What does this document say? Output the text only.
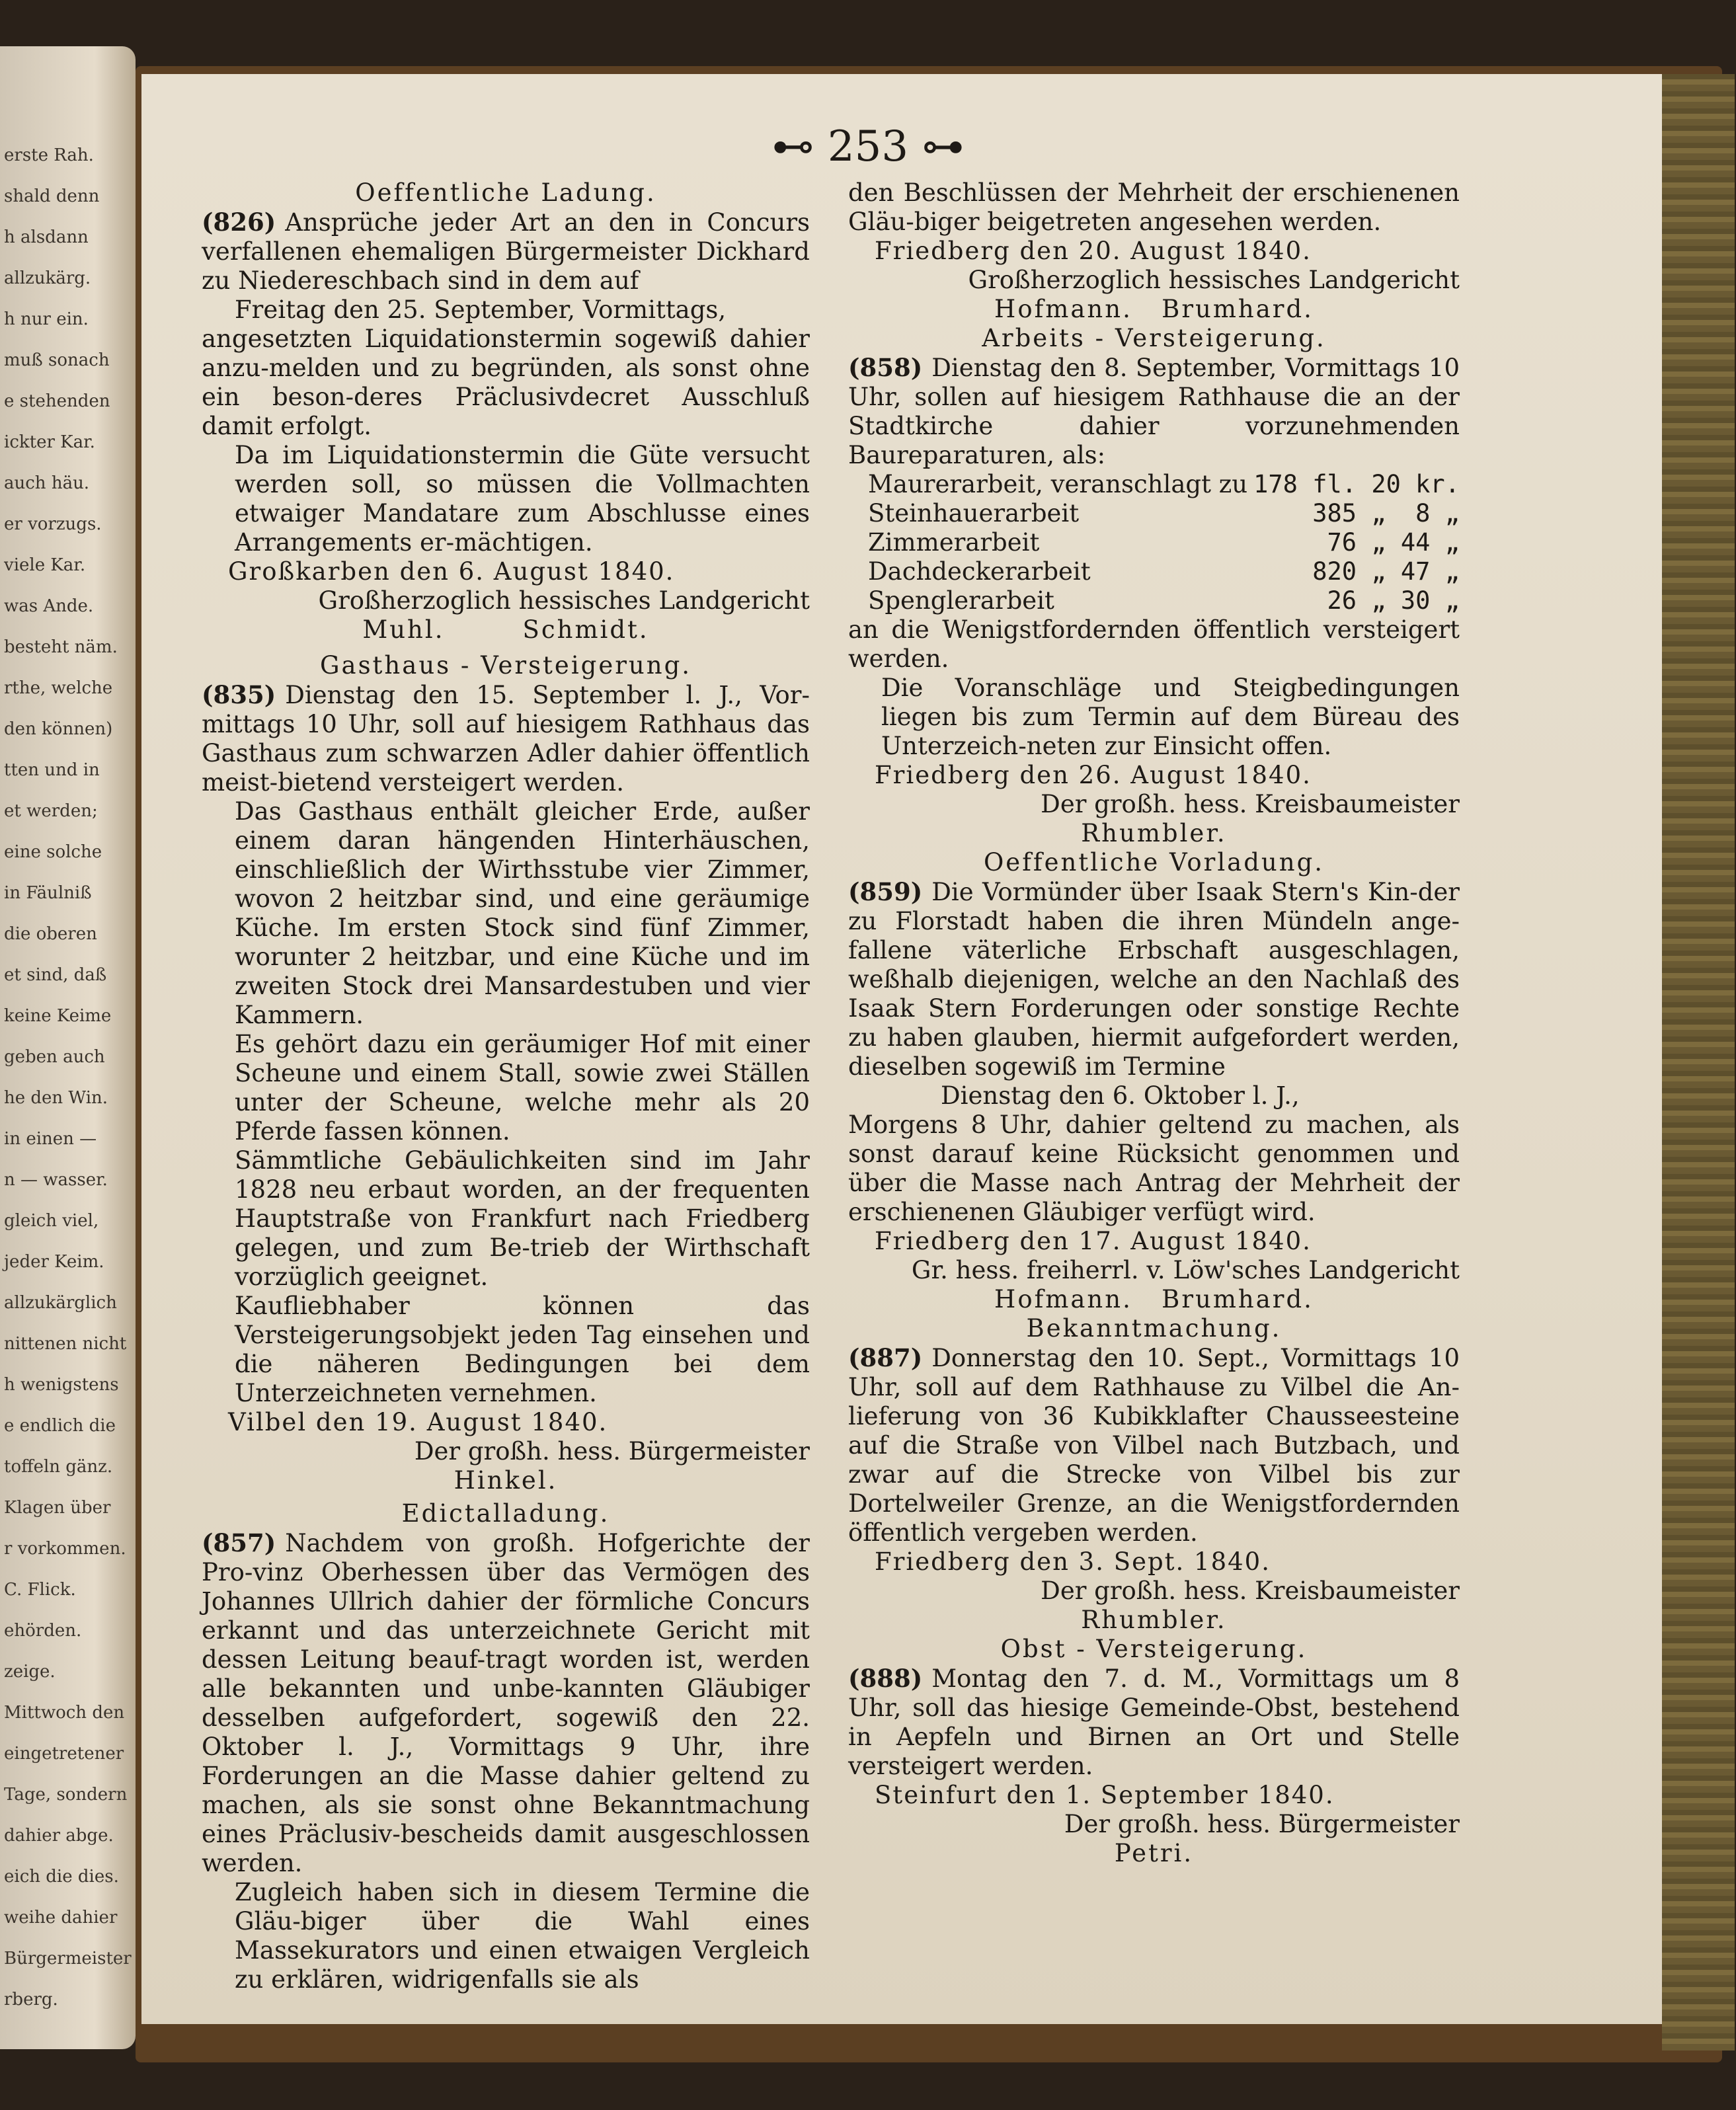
erste Rah.
shald denn
h alsdann
allzukärg.
h nur ein.
muß sonach
e stehenden
ickter Kar.
auch häu.
er vorzugs.
viele Kar.
was Ande.
besteht näm.
rthe, welche
den können)
tten und in
et werden;
eine solche
in Fäulniß
die oberen
et sind, daß
keine Keime
geben auch
he den Win.
in einen —
n — wasser.
gleich viel,
jeder Keim.
allzukärglich
nittenen nicht
h wenigstens
e endlich die
toffeln gänz.
Klagen über
r vorkommen.
C. Flick.
ehörden.
zeige.
Mittwoch den
eingetretener
Tage, sondern
dahier abge.
eich die dies.
weihe dahier
Bürgermeister
rberg.
⊷ 253 ⊶
Oeffentliche Ladung.

(826) Ansprüche jeder Art an den in Concurs verfallenen ehemaligen Bürgermeister Dickhard zu Niedereschbach sind in dem auf

Freitag den 25. September, Vormittags,

angesetzten Liquidationstermin sogewiß dahier anzu-melden und zu begründen, als sonst ohne ein beson-deres Präclusivdecret Ausschluß damit erfolgt.

Da im Liquidationstermin die Güte versucht werden soll, so müssen die Vollmachten etwaiger Mandatare zum Abschlusse eines Arrangements er-mächtigen.

Großkarben den 6. August 1840.
Großherzoglich hessisches Landgericht
Muhl.        Schmidt.
Gasthaus - Versteigerung.

(835) Dienstag den 15. September l. J., Vor-mittags 10 Uhr, soll auf hiesigem Rathhaus das Gasthaus zum schwarzen Adler dahier öffentlich meist-bietend versteigert werden.

Das Gasthaus enthält gleicher Erde, außer einem daran hängenden Hinterhäuschen, einschließlich der Wirthsstube vier Zimmer, wovon 2 heitzbar sind, und eine geräumige Küche. Im ersten Stock sind fünf Zimmer, worunter 2 heitzbar, und eine Küche und im zweiten Stock drei Mansardestuben und vier Kammern.

Es gehört dazu ein geräumiger Hof mit einer Scheune und einem Stall, sowie zwei Ställen unter der Scheune, welche mehr als 20 Pferde fassen können.

Sämmtliche Gebäulichkeiten sind im Jahr 1828 neu erbaut worden, an der frequenten Hauptstraße von Frankfurt nach Friedberg gelegen, und zum Be-trieb der Wirthschaft vorzüglich geeignet.

Kaufliebhaber können das Versteigerungsobjekt jeden Tag einsehen und die näheren Bedingungen bei dem Unterzeichneten vernehmen.

Vilbel den 19. August 1840.
Der großh. hess. Bürgermeister
Hinkel.
Edictalladung.

(857) Nachdem von großh. Hofgerichte der Pro-vinz Oberhessen über das Vermögen des Johannes Ullrich dahier der förmliche Concurs erkannt und das unterzeichnete Gericht mit dessen Leitung beauf-tragt worden ist, werden alle bekannten und unbe-kannten Gläubiger desselben aufgefordert, sogewiß den 22. Oktober l. J., Vormittags 9 Uhr, ihre Forderungen an die Masse dahier geltend zu machen, als sie sonst ohne Bekanntmachung eines Präclusiv-bescheids damit ausgeschlossen werden.

Zugleich haben sich in diesem Termine die Gläu-biger über die Wahl eines Massekurators und einen etwaigen Vergleich zu erklären, widrigenfalls sie als

den Beschlüssen der Mehrheit der erschienenen Gläu-biger beigetreten angesehen werden.

Friedberg den 20. August 1840.
Großherzoglich hessisches Landgericht
Hofmann.   Brumhard.
Arbeits - Versteigerung.

(858) Dienstag den 8. September, Vormittags 10 Uhr, sollen auf hiesigem Rathhause die an der Stadtkirche dahier vorzunehmenden Baureparaturen, als:

Maurerarbeit, veranschlagt zu 178 fl. 20 kr.
Steinhauerarbeit	385 „  8 „
Zimmerarbeit	76 „ 44 „
Dachdeckerarbeit	820 „ 47 „
Spenglerarbeit	26 „ 30 „

an die Wenigstfordernden öffentlich versteigert werden.

Die Voranschläge und Steigbedingungen liegen bis zum Termin auf dem Büreau des Unterzeich-neten zur Einsicht offen.

Friedberg den 26. August 1840.
Der großh. hess. Kreisbaumeister
Rhumbler.
Oeffentliche Vorladung.

(859) Die Vormünder über Isaak Stern's Kin-der zu Florstadt haben die ihren Mündeln ange-fallene väterliche Erbschaft ausgeschlagen, weßhalb diejenigen, welche an den Nachlaß des Isaak Stern Forderungen oder sonstige Rechte zu haben glauben, hiermit aufgefordert werden, dieselben sogewiß im Termine

Dienstag den 6. Oktober l. J.,

Morgens 8 Uhr, dahier geltend zu machen, als sonst darauf keine Rücksicht genommen und über die Masse nach Antrag der Mehrheit der erschienenen Gläubiger verfügt wird.

Friedberg den 17. August 1840.
Gr. hess. freiherrl. v. Löw'sches Landgericht
Hofmann.   Brumhard.
Bekanntmachung.

(887) Donnerstag den 10. Sept., Vormittags 10 Uhr, soll auf dem Rathhause zu Vilbel die An-lieferung von 36 Kubikklafter Chausseesteine auf die Straße von Vilbel nach Butzbach, und zwar auf die Strecke von Vilbel bis zur Dortelweiler Grenze, an die Wenigstfordernden öffentlich vergeben werden.

Friedberg den 3. Sept. 1840.
Der großh. hess. Kreisbaumeister
Rhumbler.
Obst - Versteigerung.

(888) Montag den 7. d. M., Vormittags um 8 Uhr, soll das hiesige Gemeinde-Obst, bestehend in Aepfeln und Birnen an Ort und Stelle versteigert werden.

Steinfurt den 1. September 1840.
Der großh. hess. Bürgermeister
Petri.
